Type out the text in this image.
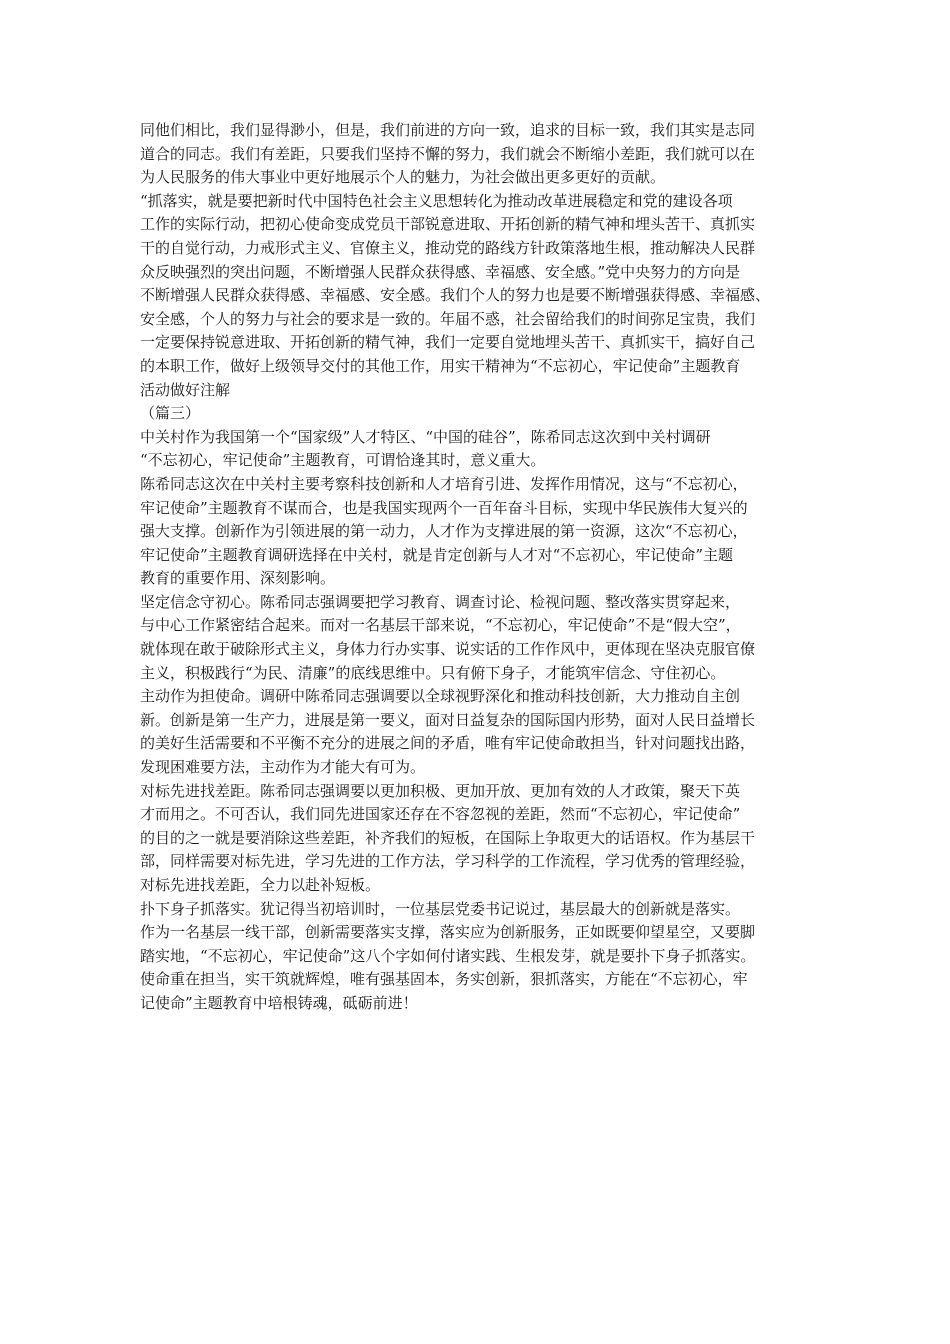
同他们相比，我们显得渺小，但是，我们前进的方向一致，追求的目标一致，我们其实是志同
道合的同志。我们有差距，只要我们坚持不懈的努力，我们就会不断缩小差距，我们就可以在
为人民服务的伟大事业中更好地展示个人的魅力，为社会做出更多更好的贡献。
“抓落实，就是要把新时代中国特色社会主义思想转化为推动改革进展稳定和党的建设各项
工作的实际行动，把初心使命变成党员干部锐意进取、开拓创新的精气神和埋头苦干、真抓实
干的自觉行动，力戒形式主义、官僚主义，推动党的路线方针政策落地生根，推动解决人民群
众反映强烈的突出问题，不断增强人民群众获得感、幸福感、安全感。”党中央努力的方向是
不断增强人民群众获得感、幸福感、安全感。我们个人的努力也是要不断增强获得感、幸福感、
安全感，个人的努力与社会的要求是一致的。年届不惑，社会留给我们的时间弥足宝贵，我们
一定要保持锐意进取、开拓创新的精气神，我们一定要自觉地埋头苦干、真抓实干，搞好自己
的本职工作，做好上级领导交付的其他工作，用实干精神为“不忘初心，牢记使命”主题教育
活动做好注解
（篇三）
中关村作为我国第一个“国家级”人才特区、“中国的硅谷”，陈希同志这次到中关村调研
“不忘初心，牢记使命”主题教育，可谓恰逢其时，意义重大。
陈希同志这次在中关村主要考察科技创新和人才培育引进、发挥作用情况，这与“不忘初心，
牢记使命”主题教育不谋而合，也是我国实现两个一百年奋斗目标，实现中华民族伟大复兴的
强大支撑。创新作为引领进展的第一动力，人才作为支撑进展的第一资源，这次“不忘初心，
牢记使命”主题教育调研选择在中关村，就是肯定创新与人才对“不忘初心，牢记使命”主题
教育的重要作用、深刻影响。
坚定信念守初心。陈希同志强调要把学习教育、调查讨论、检视问题、整改落实贯穿起来，
与中心工作紧密结合起来。而对一名基层干部来说，“不忘初心，牢记使命”不是“假大空”，
就体现在敢于破除形式主义，身体力行办实事、说实话的工作作风中，更体现在坚决克服官僚
主义，积极践行“为民、清廉”的底线思维中。只有俯下身子，才能筑牢信念、守住初心。
主动作为担使命。调研中陈希同志强调要以全球视野深化和推动科技创新，大力推动自主创
新。创新是第一生产力，进展是第一要义，面对日益复杂的国际国内形势，面对人民日益增长
的美好生活需要和不平衡不充分的进展之间的矛盾，唯有牢记使命敢担当，针对问题找出路，
发现困难要方法，主动作为才能大有可为。
对标先进找差距。陈希同志强调要以更加积极、更加开放、更加有效的人才政策，聚天下英
才而用之。不可否认，我们同先进国家还存在不容忽视的差距，然而“不忘初心，牢记使命”
的目的之一就是要消除这些差距，补齐我们的短板，在国际上争取更大的话语权。作为基层干
部，同样需要对标先进，学习先进的工作方法，学习科学的工作流程，学习优秀的管理经验，
对标先进找差距，全力以赴补短板。
扑下身子抓落实。犹记得当初培训时，一位基层党委书记说过，基层最大的创新就是落实。
作为一名基层一线干部，创新需要落实支撑，落实应为创新服务，正如既要仰望星空，又要脚
踏实地，“不忘初心，牢记使命”这八个字如何付诸实践、生根发芽，就是要扑下身子抓落实。
使命重在担当，实干筑就辉煌，唯有强基固本，务实创新，狠抓落实，方能在“不忘初心，牢
记使命”主题教育中培根铸魂，砥砺前进！
